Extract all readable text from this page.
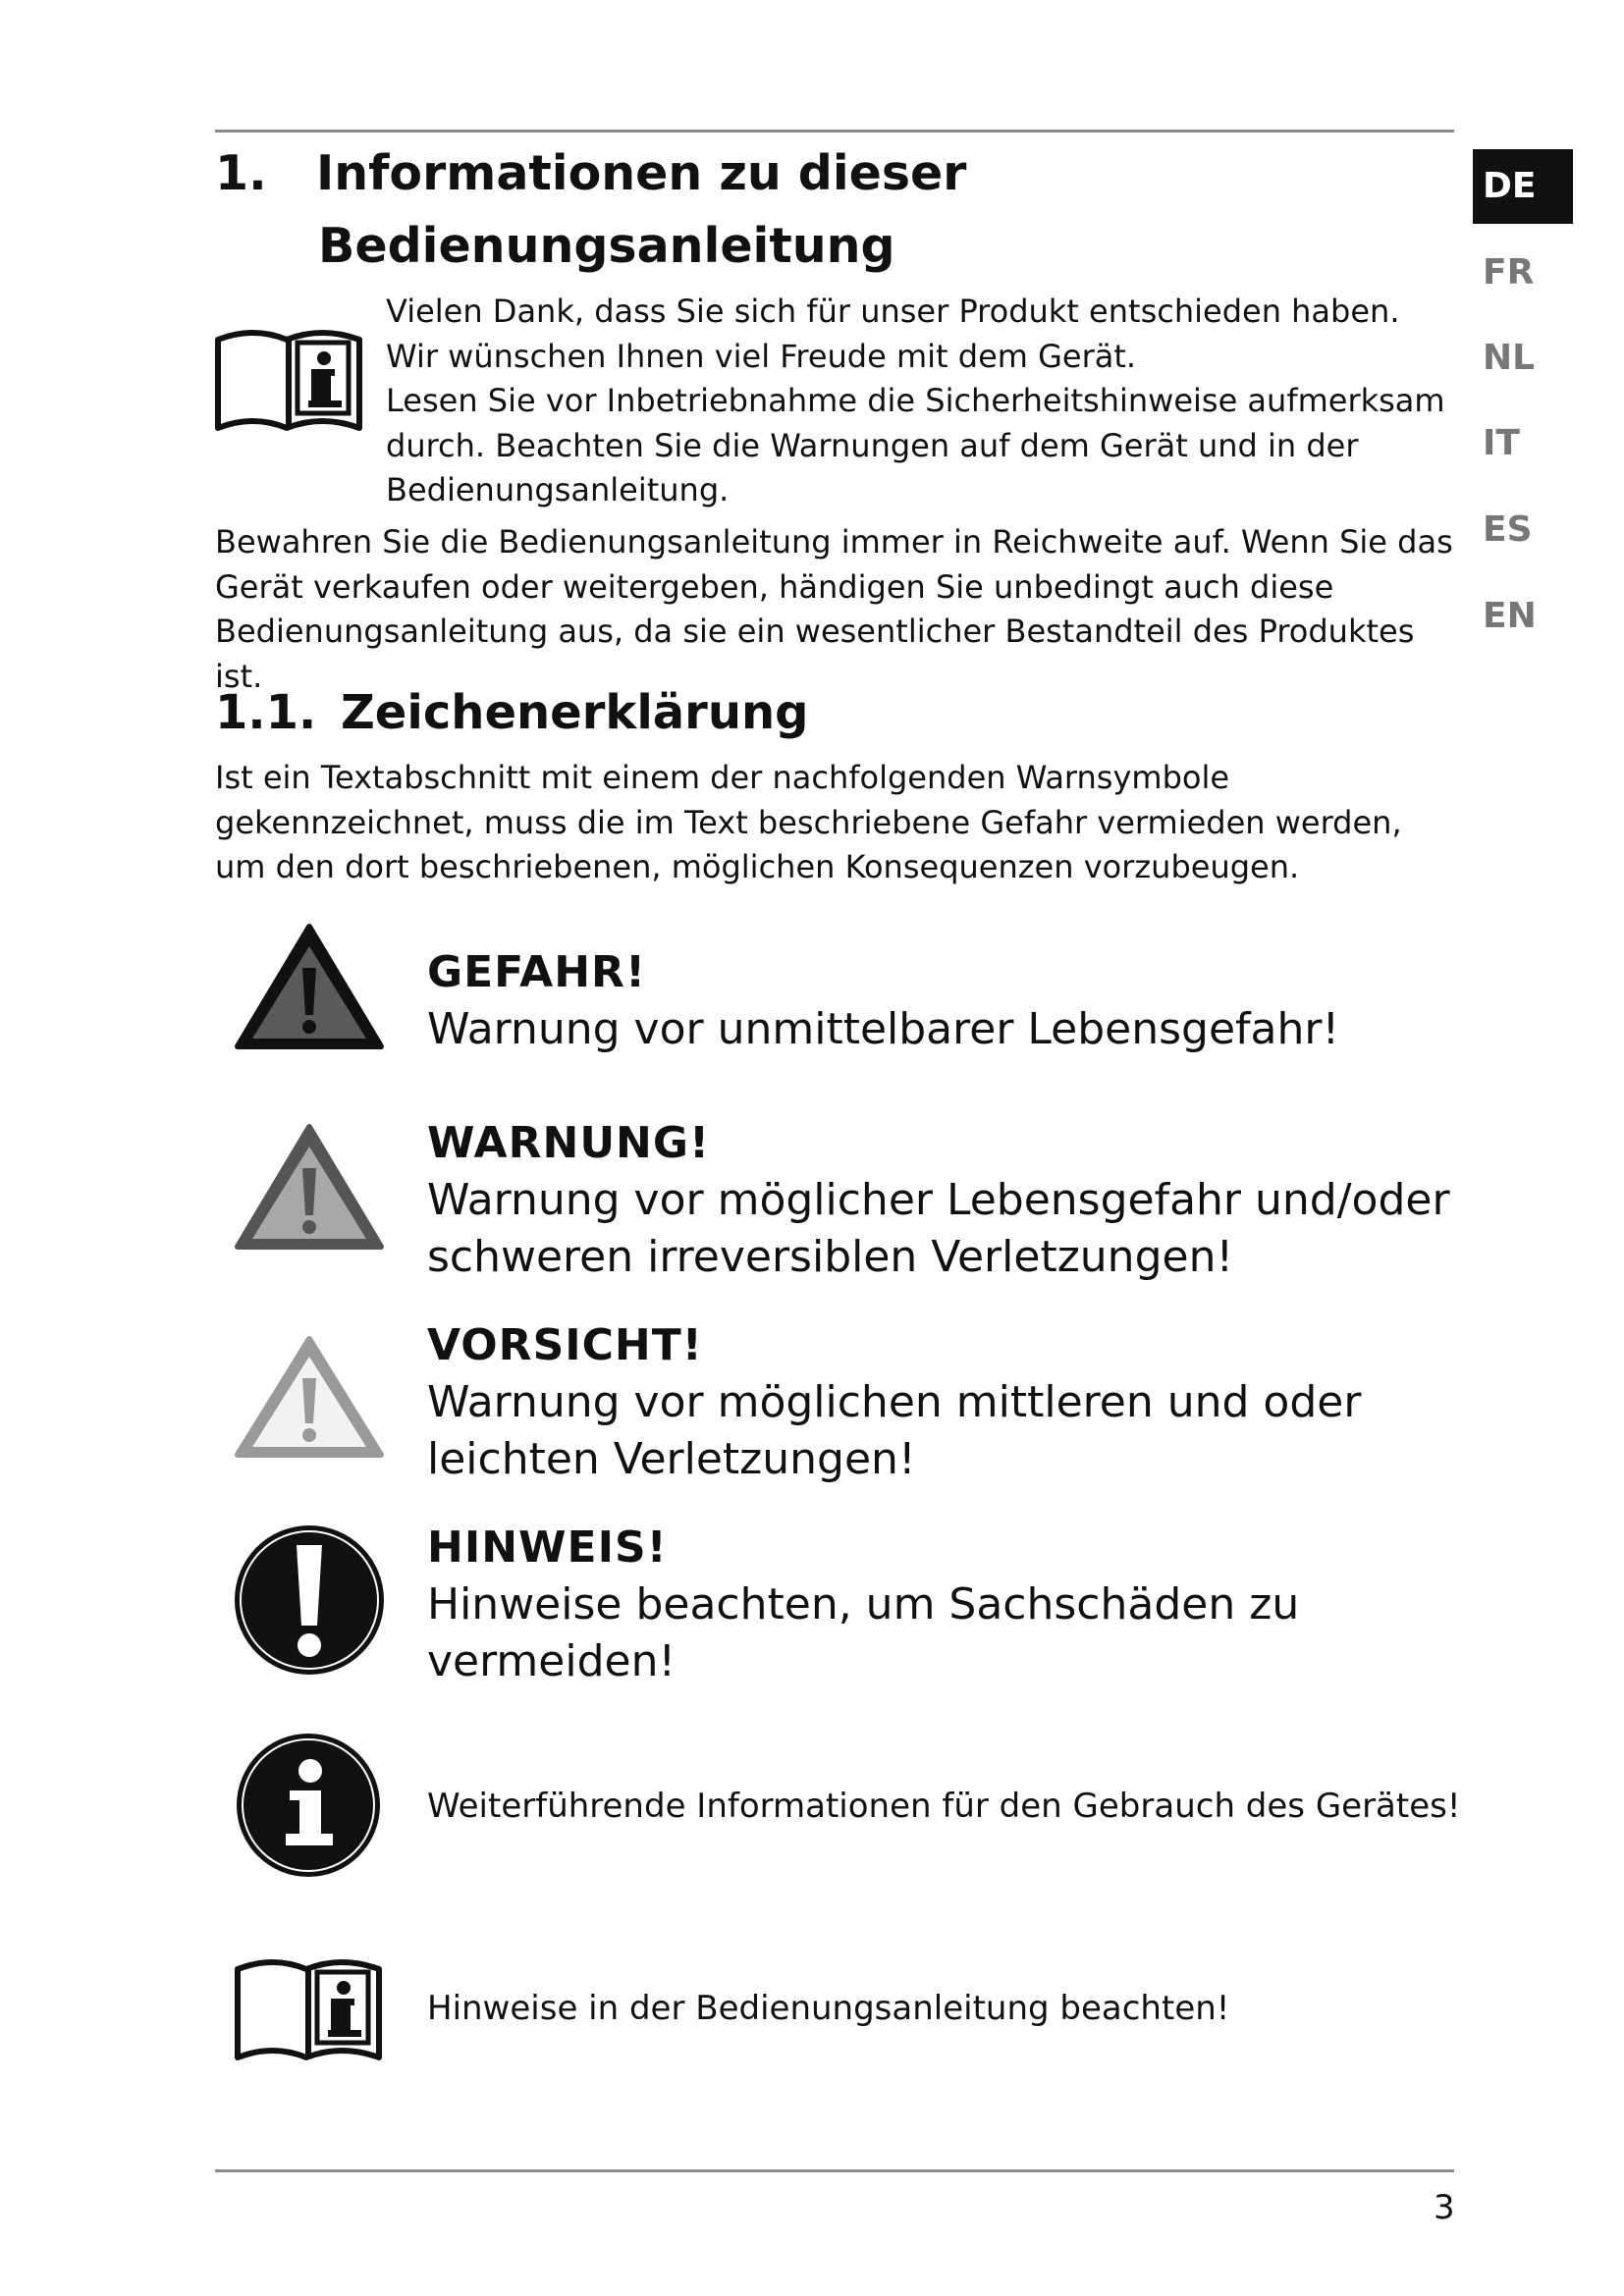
DE
FR
NL
IT
ES
EN
1. Informationen zu dieser
Bedienungsanleitung

Vielen Dank, dass Sie sich für unser Produkt entschieden haben. Wir wünschen Ihnen viel Freude mit dem Gerät.

Lesen Sie vor Inbetriebnahme die Sicherheitshinweise aufmerksam durch. Beachten Sie die Warnungen auf dem Gerät und in der Bedienungsanleitung.

Bewahren Sie die Bedienungsanleitung immer in Reichweite auf. Wenn Sie das Gerät verkaufen oder weitergeben, händigen Sie unbedingt auch diese Bedienungsanleitung aus, da sie ein wesentlicher Bestandteil des Produktes ist.

1.1. Zeichenerklärung

Ist ein Textabschnitt mit einem der nachfolgenden Warnsymbole gekennzeichnet, muss die im Text beschriebene Gefahr vermieden werden, um den dort beschriebenen, möglichen Konsequenzen vorzubeugen.

GEFAHR!
Warnung vor unmittelbarer Lebensgefahr!
WARNUNG!
Warnung vor möglicher Lebensgefahr und/oder schweren irreversiblen Verletzungen!
VORSICHT!
Warnung vor möglichen mittleren und oder leichten Verletzungen!
HINWEIS!
Hinweise beachten, um Sachschäden zu vermeiden!
Weiterführende Informationen für den Gebrauch des Gerätes!
Hinweise in der Bedienungsanleitung beachten!
3
